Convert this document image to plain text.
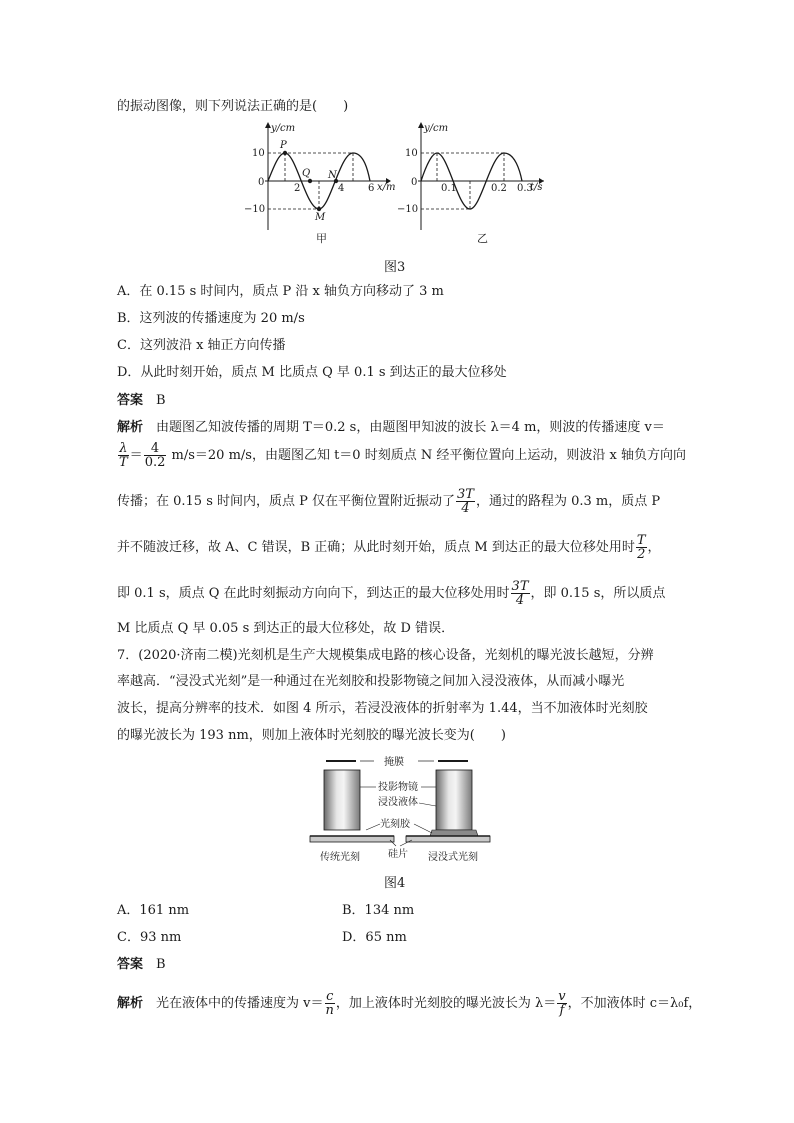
的振动图像，则下列说法正确的是(　　)
y/cm
10
0
−10
2	4 6 x/m
P
Q N
M
甲
y/cm
10
0
−10
0.1	0.2 0.3
t/s
乙
图3
A．在 0.15 s 时间内，质点 P 沿 x 轴负方向移动了 3 m
B．这列波的传播速度为 20 m/s
C．这列波沿 x 轴正方向传播
D．从此时刻开始，质点 M 比质点 Q 早 0.1 s 到达正的最大位移处
答案　 B
解析　 由题图乙知波传播的周期 T＝0.2 s，由题图甲知波的波长 λ＝4 m，则波的传播速度 v＝
$\frac{\lambda}{T} = \frac{4}{0.2} m/s=20$ m/s，由题图乙知 t＝0 时刻质点 N 经平衡位置向上运动，则波沿 x 轴负方向向
传播；在 0.15 s 时间内，质点 P 仅在平衡位置附近振动了 $\frac{3T}{4}$ ，通过的路程为 0.3 m，质点 P
并不随波迁移，故 A、C 错误，B 正确；从此时刻开始，质点 M 到达正的最大位移处用时 $\frac{T}{2}$ ，
即 0.1 s，质点 Q 在此时刻振动方向向下，到达正的最大位移处用时 $\frac{3T}{4}$ ，即 0.15 s，所以质点
M 比质点 Q 早 0.05 s 到达正的最大位移处，故 D 错误．
7．(2020·济南二模)光刻机是生产大规模集成电路的核心设备，光刻机的曝光波长越短，分辨
率越高．“浸没式光刻”是一种通过在光刻胶和投影物镜之间加入浸没液体，从而减小曝光
波长，提高分辨率的技术．如图 4 所示，若浸没液体的折射率为 1.44，当不加液体时光刻胶
的曝光波长为 193 nm，则加上液体时光刻胶的曝光波长变为(　　)
掩膜
投影物镜
浸没液体
光刻胶
硅片
传统光刻	浸没式光刻
图4
A．161 nm	B．134 nm
C．93 nm	D．65 nm
答案　 B
解析　 光在液体中的传播速度为 $v= \frac{c}{n}$ ，加上液体时光刻胶的曝光波长为 $\lambda= \frac{v}{f}$ ，不加液体时 c＝λ₀f，
